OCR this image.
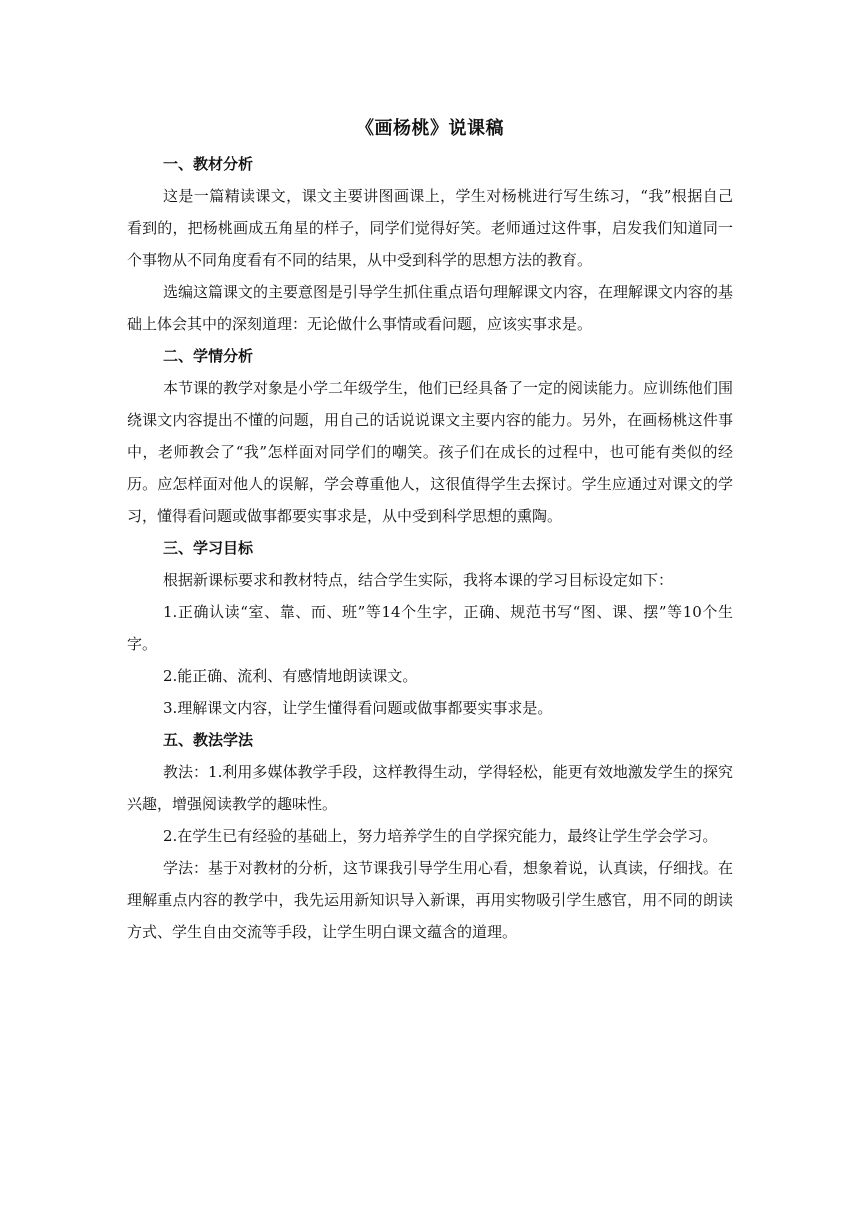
《画杨桃》说课稿
一、教材分析

这是一篇精读课文，课文主要讲图画课上，学生对杨桃进行写生练习，“我”根据自己看到的，把杨桃画成五角星的样子，同学们觉得好笑。老师通过这件事，启发我们知道同一个事物从不同角度看有不同的结果，从中受到科学的思想方法的教育。

选编这篇课文的主要意图是引导学生抓住重点语句理解课文内容，在理解课文内容的基础上体会其中的深刻道理：无论做什么事情或看问题，应该实事求是。

二、学情分析

本节课的教学对象是小学二年级学生，他们已经具备了一定的阅读能力。应训练他们围绕课文内容提出不懂的问题，用自己的话说说课文主要内容的能力。另外，在画杨桃这件事中，老师教会了“我”怎样面对同学们的嘲笑。孩子们在成长的过程中，也可能有类似的经历。应怎样面对他人的误解，学会尊重他人，这很值得学生去探讨。学生应通过对课文的学习，懂得看问题或做事都要实事求是，从中受到科学思想的熏陶。

三、学习目标

根据新课标要求和教材特点，结合学生实际，我将本课的学习目标设定如下：

1.正确认读“室、靠、而、班”等14个生字，正确、规范书写“图、课、摆”等10个生字。

2.能正确、流利、有感情地朗读课文。

3.理解课文内容，让学生懂得看问题或做事都要实事求是。

五、教法学法

教法：1.利用多媒体教学手段，这样教得生动，学得轻松，能更有效地激发学生的探究兴趣，增强阅读教学的趣味性。

2.在学生已有经验的基础上，努力培养学生的自学探究能力，最终让学生学会学习。

学法：基于对教材的分析，这节课我引导学生用心看，想象着说，认真读，仔细找。在理解重点内容的教学中，我先运用新知识导入新课，再用实物吸引学生感官，用不同的朗读方式、学生自由交流等手段，让学生明白课文蕴含的道理。
